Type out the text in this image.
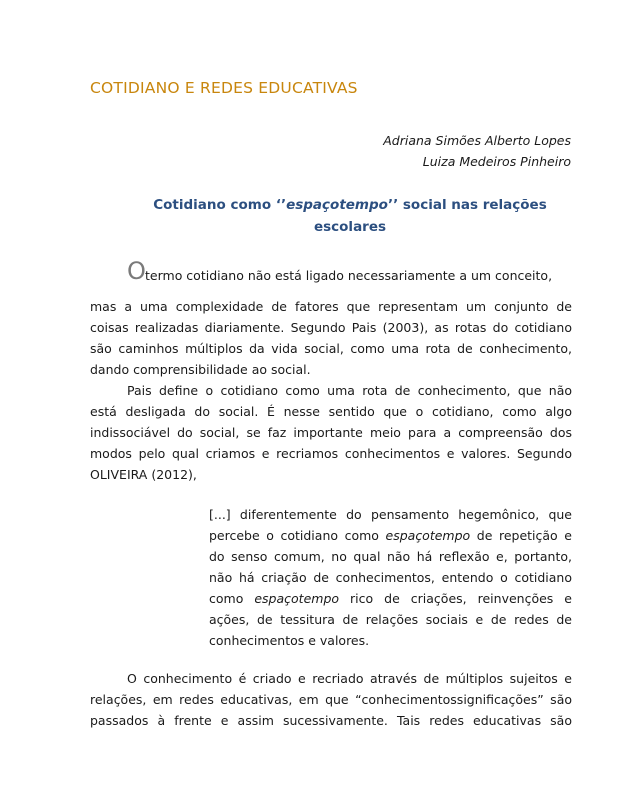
COTIDIANO E REDES EDUCATIVAS
Adriana Simões Alberto Lopes
Luiza Medeiros Pinheiro
Cotidiano como ‘’espaçotempo’’ social nas relações
escolares
O termo cotidiano não está ligado necessariamente a um conceito,
mas a uma complexidade de fatores que representam um conjunto de
coisas realizadas diariamente. Segundo Pais (2003), as rotas do cotidiano
são caminhos múltiplos da vida social, como uma rota de conhecimento,
dando comprensibilidade ao social.
Pais define o cotidiano como uma rota de conhecimento, que não
está desligada do social. É nesse sentido que o cotidiano, como algo
indissociável do social, se faz importante meio para a compreensão dos
modos pelo qual criamos e recriamos conhecimentos e valores. Segundo
OLIVEIRA (2012),
[...] diferentemente do pensamento hegemônico, que
percebe o cotidiano como espaçotempo de repetição e
do senso comum, no qual não há reflexão e, portanto,
não há criação de conhecimentos, entendo o cotidiano
como espaçotempo rico de criações, reinvenções e
ações, de tessitura de relações sociais e de redes de
conhecimentos e valores.
O conhecimento é criado e recriado através de múltiplos sujeitos e
relações, em redes educativas, em que “conhecimentossignificações” são
passados à frente e assim sucessivamente. Tais redes educativas são
